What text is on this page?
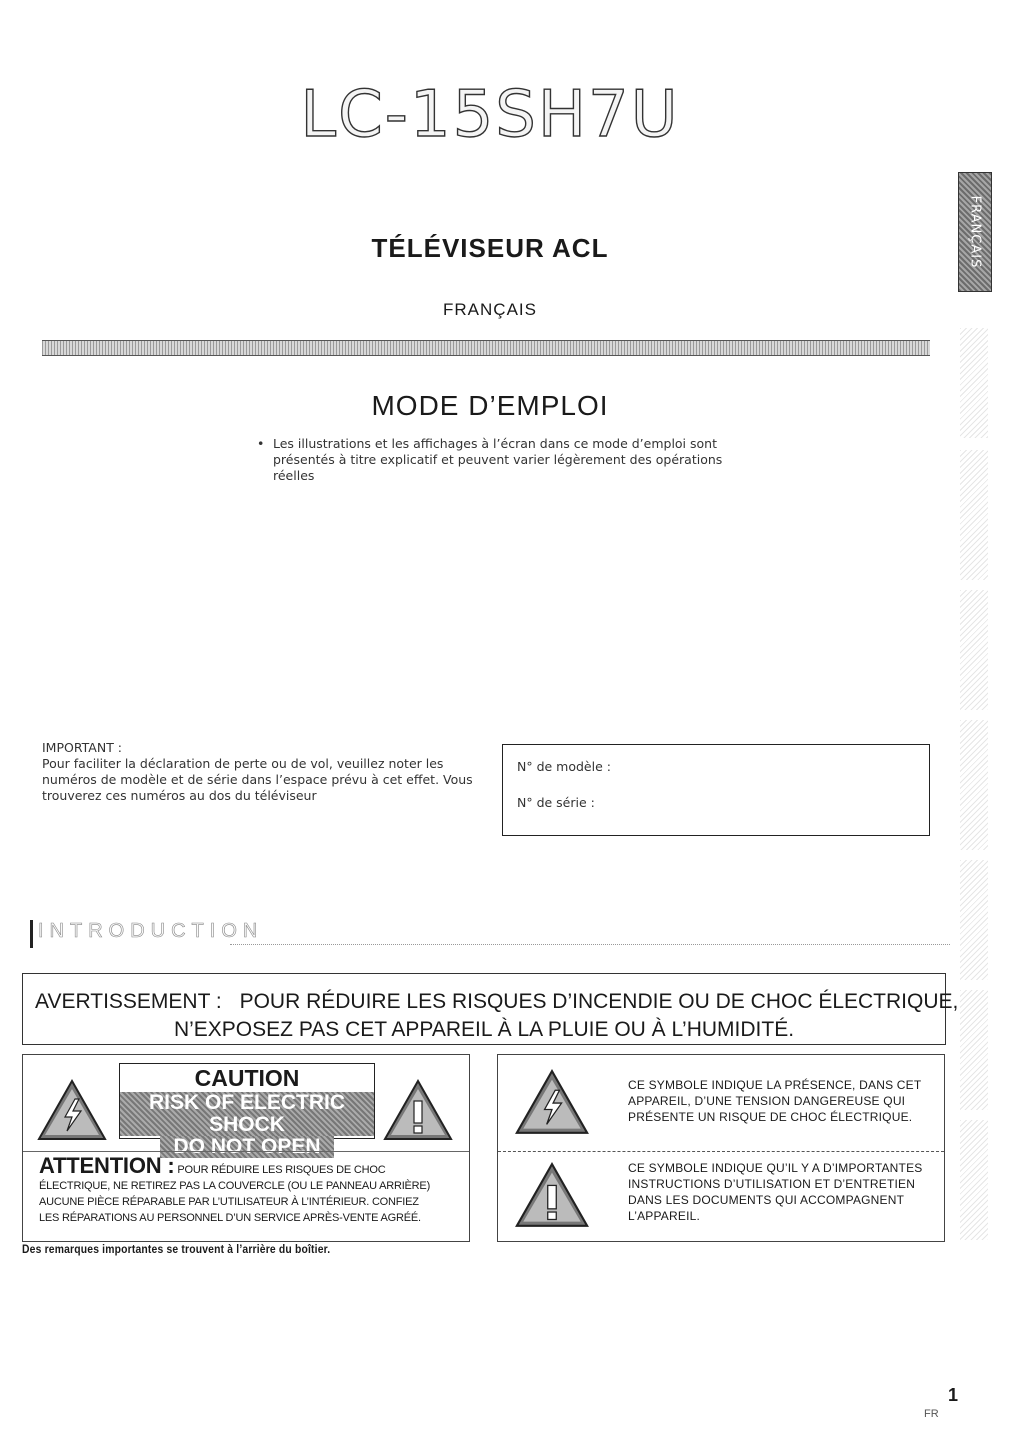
LC-15SH7U
TÉLÉVISEUR ACL
FRANÇAIS
MODE D’EMPLOI
• Les illustrations et les affichages à l’écran dans ce mode d’emploi sont présentés à titre explicatif et peuvent varier légèrement des opérations réelles
FRANÇAIS
IMPORTANT :
Pour faciliter la déclaration de perte ou de vol, veuillez noter les numéros de modèle et de série dans l’espace prévu à cet effet. Vous trouverez ces numéros au dos du téléviseur
N° de modèle :
N° de série :
INTRODUCTION
AVERTISSEMENT : POUR RÉDUIRE LES RISQUES D’INCENDIE OU DE CHOC ÉLECTRIQUE,
N’EXPOSEZ PAS CET APPAREIL À LA PLUIE OU À L’HUMIDITÉ.
CAUTION
RISK OF ELECTRIC SHOCK
DO NOT OPEN
ATTENTION : POUR RÉDUIRE LES RISQUES DE CHOC
ÉLECTRIQUE, NE RETIREZ PAS LA COUVERCLE (OU LE PANNEAU ARRIÈRE)
AUCUNE PIÈCE RÉPARABLE PAR L’UTILISATEUR À L’INTÉRIEUR. CONFIEZ
LES RÉPARATIONS AU PERSONNEL D’UN SERVICE APRÈS-VENTE AGRÉÉ.
Des remarques importantes se trouvent à l’arrière du boîtier.
CE SYMBOLE INDIQUE LA PRÉSENCE, DANS CET
APPAREIL, D’UNE TENSION DANGEREUSE QUI
PRÉSENTE UN RISQUE DE CHOC ÉLECTRIQUE.
CE SYMBOLE INDIQUE QU’IL Y A D’IMPORTANTES
INSTRUCTIONS D’UTILISATION ET D’ENTRETIEN
DANS LES DOCUMENTS QUI ACCOMPAGNENT
L’APPAREIL.
1
FR
